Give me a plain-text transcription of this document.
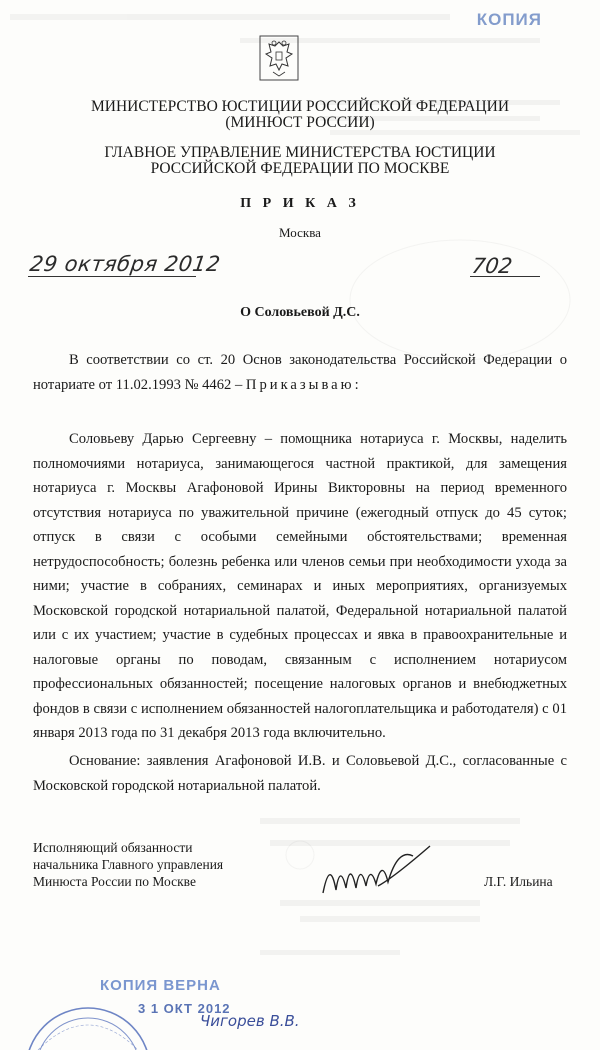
КОПИЯ
МИНИСТЕРСТВО ЮСТИЦИИ РОССИЙСКОЙ ФЕДЕРАЦИИ
(МИНЮСТ РОССИИ)
ГЛАВНОЕ УПРАВЛЕНИЕ МИНИСТЕРСТВА ЮСТИЦИИ
РОССИЙСКОЙ ФЕДЕРАЦИИ ПО МОСКВЕ
П Р И К А З
Москва
29 октября 2012	702
О Соловьевой Д.С.
В соответствии со ст. 20 Основ законодательства Российской Федерации о нотариате от 11.02.1993 № 4462 – Приказываю:
Соловьеву Дарью Сергеевну – помощника нотариуса г. Москвы, наделить полномочиями нотариуса, занимающегося частной практикой, для замещения нотариуса г. Москвы Агафоновой Ирины Викторовны на период временного отсутствия нотариуса по уважительной причине (ежегодный отпуск до 45 суток; отпуск в связи с особыми семейными обстоятельствами; временная нетрудоспособность; болезнь ребенка или членов семьи при необходимости ухода за ними; участие в собраниях, семинарах и иных мероприятиях, организуемых Московской городской нотариальной палатой, Федеральной нотариальной палатой или с их участием; участие в судебных процессах и явка в правоохранительные и налоговые органы по поводам, связанным с исполнением нотариусом профессиональных обязанностей; посещение налоговых органов и внебюджетных фондов в связи с исполнением обязанностей налогоплательщика и работодателя) с 01 января 2013 года по 31 декабря 2013 года включительно.
Основание: заявления Агафоновой И.В. и Соловьевой Д.С., согласованные с Московской городской нотариальной палатой.
Исполняющий обязанности
начальника Главного управления
Минюста России по Москве	Л.Г. Ильина
КОПИЯ ВЕРНА
3 1 ОКТ 2012
Чигорев В.В.
